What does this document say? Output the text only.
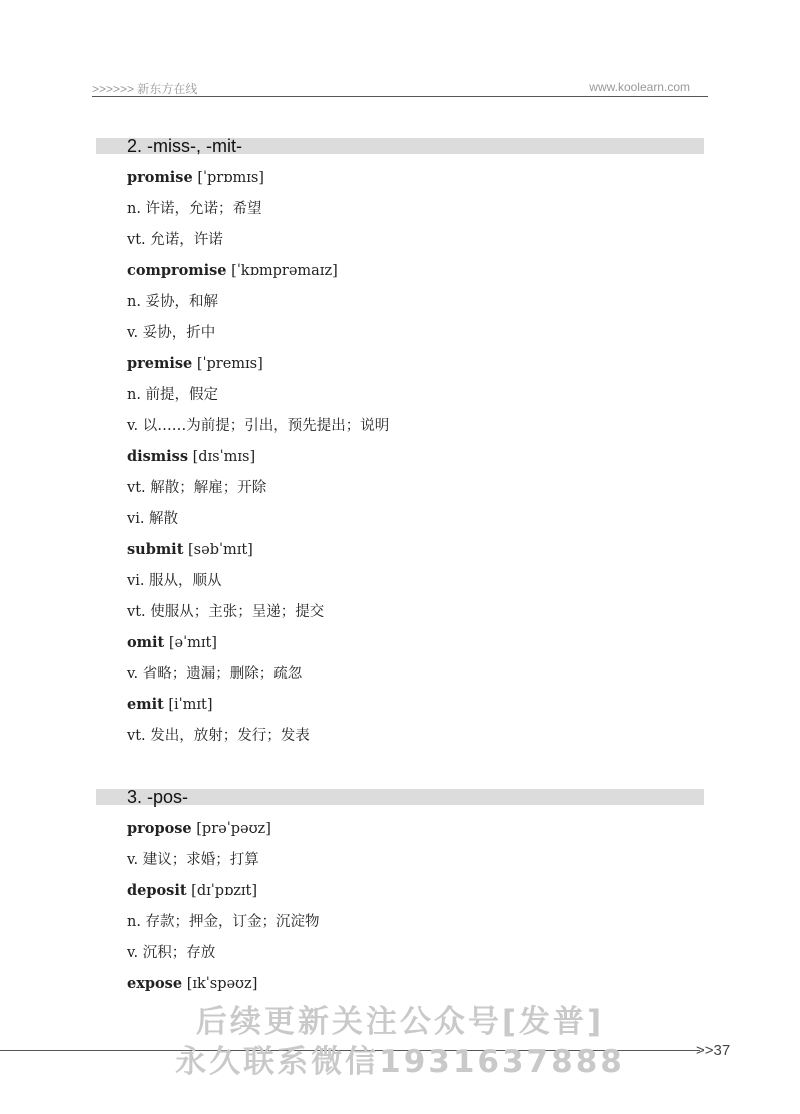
>>>>>> 新东方在线	www.koolearn.com
2. -miss-, -mit-
promise [ˈprɒmɪs]
n. 许诺，允诺；希望
vt. 允诺，许诺
compromise [ˈkɒmprəmaɪz]
n. 妥协，和解
v. 妥协，折中
premise [ˈpremɪs]
n. 前提，假定
v. 以……为前提；引出，预先提出；说明
dismiss [dɪsˈmɪs]
vt. 解散；解雇；开除
vi. 解散
submit [səbˈmɪt]
vi. 服从，顺从
vt. 使服从；主张；呈递；提交
omit [əˈmɪt]
v. 省略；遗漏；删除；疏忽
emit [iˈmɪt]
vt. 发出，放射；发行；发表
3. -pos-
propose [prəˈpəʊz]
v. 建议；求婚；打算
deposit [dɪˈpɒzɪt]
n. 存款；押金，订金；沉淀物
v. 沉积；存放
expose [ɪkˈspəʊz]
后续更新关注公众号[发普]
永久联系微信1931637888	>>37
